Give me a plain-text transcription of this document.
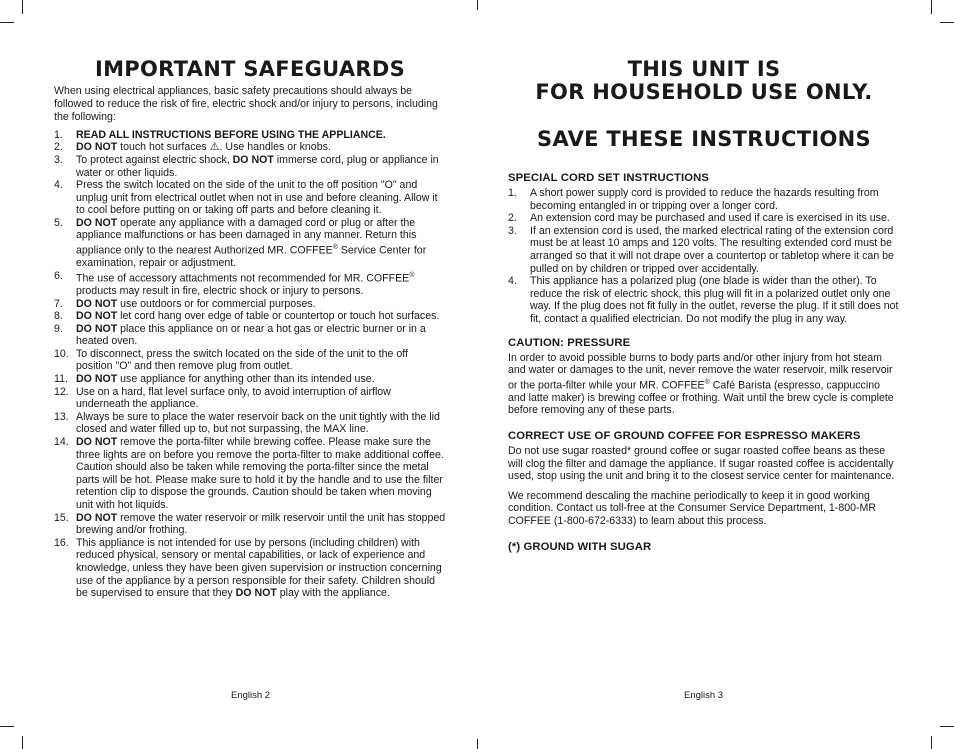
IMPORTANT SAFEGUARDS

When using electrical appliances, basic safety precautions should always be followed to reduce the risk of fire, electric shock and/or injury to persons, including the following:

1. READ ALL INSTRUCTIONS BEFORE USING THE APPLIANCE.
2. DO NOT touch hot surfaces ⚠. Use handles or knobs.
3. To protect against electric shock, DO NOT immerse cord, plug or appliance in water or other liquids.
4. Press the switch located on the side of the unit to the off position "O" and unplug unit from electrical outlet when not in use and before cleaning. Allow it to cool before putting on or taking off parts and before cleaning it.
5. DO NOT operate any appliance with a damaged cord or plug or after the appliance malfunctions or has been damaged in any manner. Return this appliance only to the nearest Authorized MR. COFFEE® Service Center for examination, repair or adjustment.
6. The use of accessory attachments not recommended for MR. COFFEE® products may result in fire, electric shock or injury to persons.
7. DO NOT use outdoors or for commercial purposes.
8. DO NOT let cord hang over edge of table or countertop or touch hot surfaces.
9. DO NOT place this appliance on or near a hot gas or electric burner or in a heated oven.
10. To disconnect, press the switch located on the side of the unit to the off position "O" and then remove plug from outlet.
11. DO NOT use appliance for anything other than its intended use.
12. Use on a hard, flat level surface only, to avoid interruption of airflow underneath the appliance.
13. Always be sure to place the water reservoir back on the unit tightly with the lid closed and water filled up to, but not surpassing, the MAX line.
14. DO NOT remove the porta-filter while brewing coffee. Please make sure the three lights are on before you remove the porta-filter to make additional coffee. Caution should also be taken while removing the porta-filter since the metal parts will be hot. Please make sure to hold it by the handle and to use the filter retention clip to dispose the grounds. Caution should be taken when moving unit with hot liquids.
15. DO NOT remove the water reservoir or milk reservoir until the unit has stopped brewing and/or frothing.
16. This appliance is not intended for use by persons (including children) with reduced physical, sensory or mental capabilities, or lack of experience and knowledge, unless they have been given supervision or instruction concerning use of the appliance by a person responsible for their safety. Children should be supervised to ensure that they DO NOT play with the appliance.
English 2
THIS UNIT IS
FOR HOUSEHOLD USE ONLY.
SAVE THESE INSTRUCTIONS

SPECIAL CORD SET INSTRUCTIONS

1. A short power supply cord is provided to reduce the hazards resulting from becoming entangled in or tripping over a longer cord.
2. An extension cord may be purchased and used if care is exercised in its use.
3. If an extension cord is used, the marked electrical rating of the extension cord must be at least 10 amps and 120 volts. The resulting extended cord must be arranged so that it will not drape over a countertop or tabletop where it can be pulled on by children or tripped over accidentally.
4. This appliance has a polarized plug (one blade is wider than the other). To reduce the risk of electric shock, this plug will fit in a polarized outlet only one way. If the plug does not fit fully in the outlet, reverse the plug. If it still does not fit, contact a qualified electrician. Do not modify the plug in any way.

CAUTION: PRESSURE

In order to avoid possible burns to body parts and/or other injury from hot steam and water or damages to the unit, never remove the water reservoir, milk reservoir or the porta-filter while your MR. COFFEE® Café Barista (espresso, cappuccino and latte maker) is brewing coffee or frothing. Wait until the brew cycle is complete before removing any of these parts.

CORRECT USE OF GROUND COFFEE FOR ESPRESSO MAKERS

Do not use sugar roasted* ground coffee or sugar roasted coffee beans as these will clog the filter and damage the appliance. If sugar roasted coffee is accidentally used, stop using the unit and bring it to the closest service center for maintenance.

We recommend descaling the machine periodically to keep it in good working condition. Contact us toll-free at the Consumer Service Department, 1-800-MR COFFEE (1-800-672-6333) to learn about this process.

(*) GROUND WITH SUGAR

English 3
